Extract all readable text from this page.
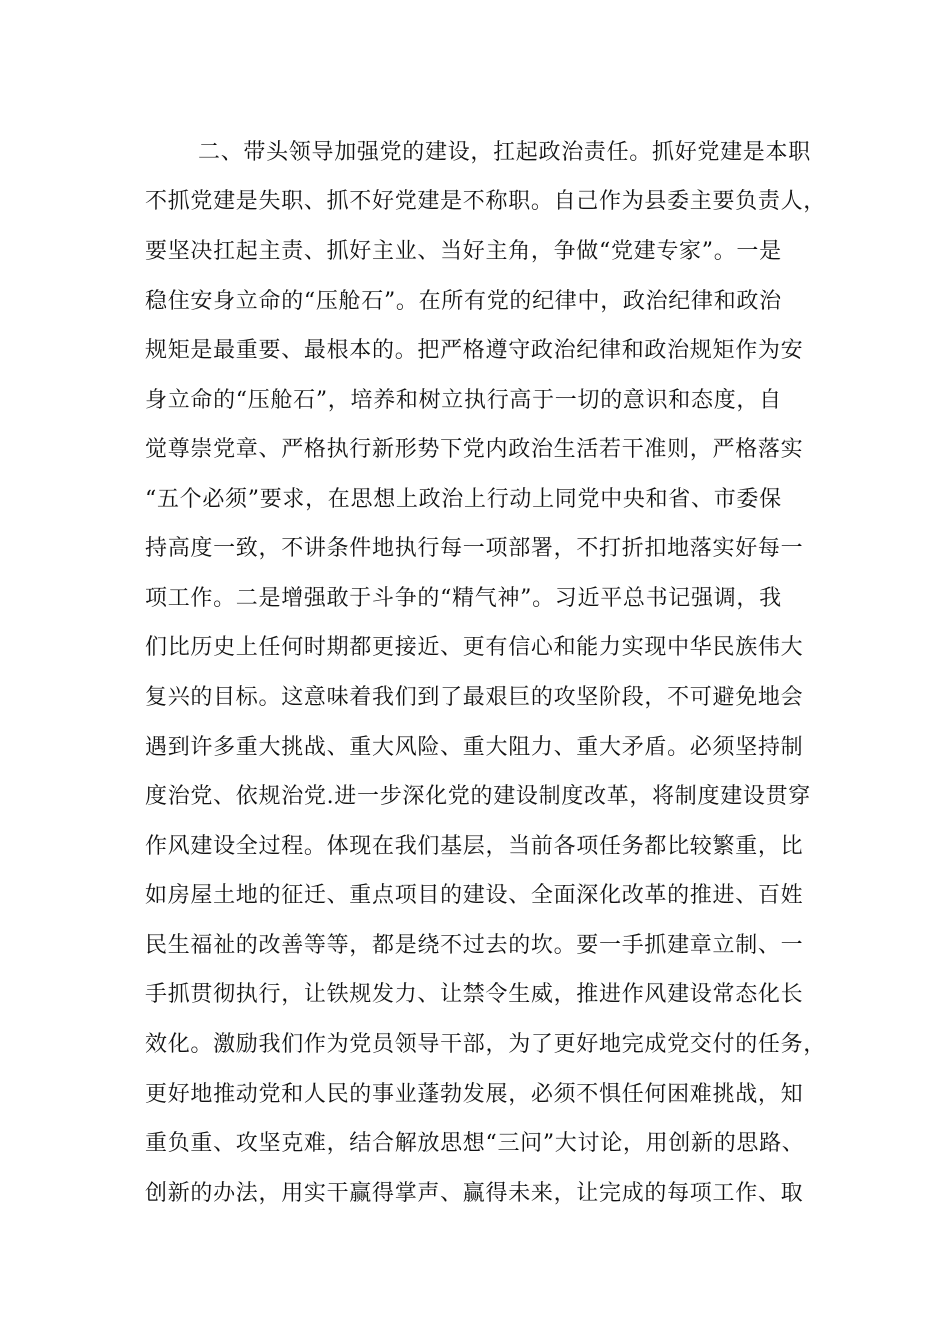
二、带头领导加强党的建设，扛起政治责任。抓好党建是本职
不抓党建是失职、抓不好党建是不称职。自己作为县委主要负责人，
要坚决扛起主责、抓好主业、当好主角，争做“党建专家”。一是
稳住安身立命的“压舱石”。在所有党的纪律中，政治纪律和政治
规矩是最重要、最根本的。把严格遵守政治纪律和政治规矩作为安
身立命的“压舱石”，培养和树立执行高于一切的意识和态度，自
觉尊崇党章、严格执行新形势下党内政治生活若干准则，严格落实
“五个必须”要求，在思想上政治上行动上同党中央和省、市委保
持高度一致，不讲条件地执行每一项部署，不打折扣地落实好每一
项工作。二是增强敢于斗争的“精气神”。习近平总书记强调，我
们比历史上任何时期都更接近、更有信心和能力实现中华民族伟大
复兴的目标。这意味着我们到了最艰巨的攻坚阶段，不可避免地会
遇到许多重大挑战、重大风险、重大阻力、重大矛盾。必须坚持制
度治党、依规治党.进一步深化党的建设制度改革，将制度建设贯穿
作风建设全过程。体现在我们基层，当前各项任务都比较繁重，比
如房屋土地的征迁、重点项目的建设、全面深化改革的推进、百姓
民生福祉的改善等等，都是绕不过去的坎。要一手抓建章立制、一
手抓贯彻执行，让铁规发力、让禁令生威，推进作风建设常态化长
效化。激励我们作为党员领导干部，为了更好地完成党交付的任务，
更好地推动党和人民的事业蓬勃发展，必须不惧任何困难挑战，知
重负重、攻坚克难，结合解放思想“三问”大讨论，用创新的思路、
创新的办法，用实干赢得掌声、赢得未来，让完成的每项工作、取
